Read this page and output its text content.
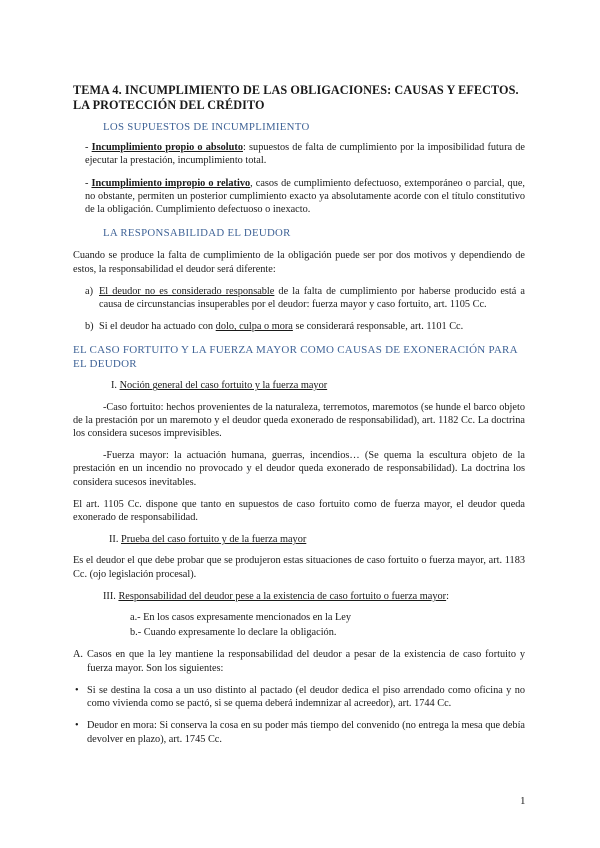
TEMA 4. INCUMPLIMIENTO DE LAS OBLIGACIONES: CAUSAS Y EFECTOS. LA PROTECCIÓN DEL CRÉDITO

LOS SUPUESTOS DE INCUMPLIMIENTO

- Incumplimiento propio o absoluto: supuestos de falta de cumplimiento por la imposibilidad futura de ejecutar la prestación, incumplimiento total.

- Incumplimiento impropio o relativo, casos de cumplimiento defectuoso, extemporáneo o parcial, que, no obstante, permiten un posterior cumplimiento exacto ya absolutamente acorde con el título constitutivo de la obligación. Cumplimiento defectuoso o inexacto.

LA RESPONSABILIDAD EL DEUDOR

Cuando se produce la falta de cumplimiento de la obligación puede ser por dos motivos y dependiendo de estos, la responsabilidad el deudor será diferente:

a) El deudor no es considerado responsable de la falta de cumplimiento por haberse producido está a causa de circunstancias insuperables por el deudor: fuerza mayor y caso fortuito, art. 1105 Cc.
b) Si el deudor ha actuado con dolo, culpa o mora se considerará responsable, art. 1101 Cc.

EL CASO FORTUITO Y LA FUERZA MAYOR COMO CAUSAS DE EXONERACIÓN PARA EL DEUDOR

I. Noción general del caso fortuito y la fuerza mayor

-Caso fortuito: hechos provenientes de la naturaleza, terremotos, maremotos (se hunde el barco objeto de la prestación por un maremoto y el deudor queda exonerado de responsabilidad), art. 1182 Cc. La doctrina los considera sucesos imprevisibles.

-Fuerza mayor: la actuación humana, guerras, incendios… (Se quema la escultura objeto de la prestación en un incendio no provocado y el deudor queda exonerado de responsabilidad). La doctrina los considera sucesos inevitables.

El art. 1105 Cc. dispone que tanto en supuestos de caso fortuito como de fuerza mayor, el deudor queda exonerado de responsabilidad.

II. Prueba del caso fortuito y de la fuerza mayor

Es el deudor el que debe probar que se produjeron estas situaciones de caso fortuito o fuerza mayor, art. 1183 Cc. (ojo legislación procesal).

III. Responsabilidad del deudor pese a la existencia de caso fortuito o fuerza mayor:

a.- En los casos expresamente mencionados en la Ley

b.- Cuando expresamente lo declare la obligación.

A. Casos en que la ley mantiene la responsabilidad del deudor a pesar de la existencia de caso fortuito y fuerza mayor. Son los siguientes:
• Si se destina la cosa a un uso distinto al pactado (el deudor dedica el piso arrendado como oficina y no como vivienda como se pactó, si se quema deberá indemnizar al acreedor), art. 1744 Cc.
• Deudor en mora: Si conserva la cosa en su poder más tiempo del convenido (no entrega la mesa que debía devolver en plazo), art. 1745 Cc.
1
